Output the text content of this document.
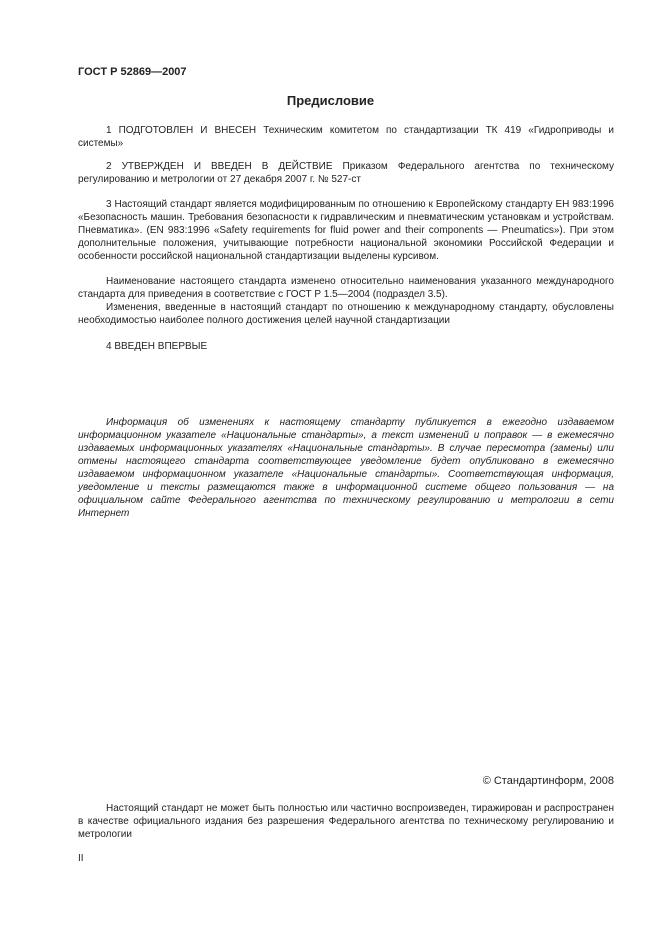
ГОСТ Р 52869—2007
Предисловие

1 ПОДГОТОВЛЕН И ВНЕСЕН Техническим комитетом по стандартизации ТК 419 «Гидроприводы и системы»

2 УТВЕРЖДЕН И ВВЕДЕН В ДЕЙСТВИЕ Приказом Федерального агентства по техническому регулированию и метрологии от 27 декабря 2007 г. № 527-ст

3 Настоящий стандарт является модифицированным по отношению к Европейскому стандарту ЕН 983:1996 «Безопасность машин. Требования безопасности к гидравлическим и пневматическим установкам и устройствам. Пневматика». (EN 983:1996 «Safety requirements for fluid power and their components — Pneumatics»). При этом дополнительные положения, учитывающие потребности национальной экономики Российской Федерации и особенности российской национальной стандартизации выделены курсивом.

Наименование настоящего стандарта изменено относительно наименования указанного международного стандарта для приведения в соответствие с ГОСТ Р 1.5—2004 (подраздел 3.5).

Изменения, введенные в настоящий стандарт по отношению к международному стандарту, обусловлены необходимостью наиболее полного достижения целей научной стандартизации

4 ВВЕДЕН ВПЕРВЫЕ

Информация об изменениях к настоящему стандарту публикуется в ежегодно издаваемом информационном указателе «Национальные стандарты», а текст изменений и поправок — в ежемесячно издаваемых информационных указателях «Национальные стандарты». В случае пересмотра (замены) или отмены настоящего стандарта соответствующее уведомление будет опубликовано в ежемесячно издаваемом информационном указателе «Национальные стандарты». Соответствующая информация, уведомление и тексты размещаются также в информационной системе общего пользования — на официальном сайте Федерального агентства по техническому регулированию и метрологии в сети Интернет

© Стандартинформ, 2008

Настоящий стандарт не может быть полностью или частично воспроизведен, тиражирован и распространен в качестве официального издания без разрешения Федерального агентства по техническому регулированию и метрологии

II
